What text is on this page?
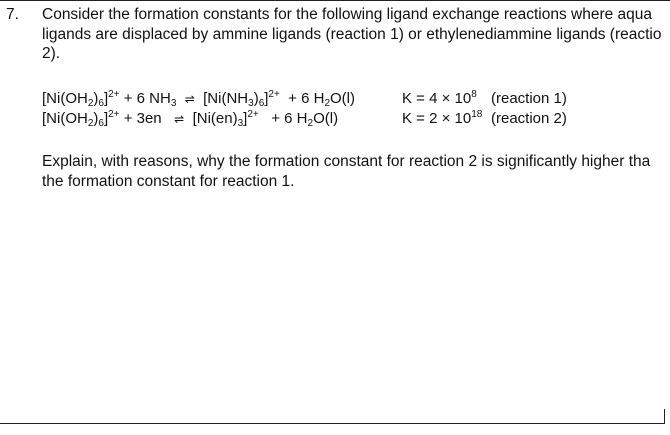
7. Consider the formation constants for the following ligand exchange reactions where aqua
ligands are displaced by ammine ligands (reaction 1) or ethylenediammine ligands (reactio
2).
$[Ni(OH_2)_6]^{2+} + 6$ $NH_3$ ⇌ $[Ni(NH_3)_6]^{2+} + 6$ $H_2O(l)$	$K = 4 \times 10^8$ (reaction 1)
$[Ni(OH_2)_6]^{2+} + 3en$ ⇌ $[Ni(en)_3]^{2+} + 6$ $H_2O(l)$	$K = 2 \times 10^{18}$ (reaction 2)
Explain, with reasons, why the formation constant for reaction 2 is significantly higher tha
the formation constant for reaction 1.
